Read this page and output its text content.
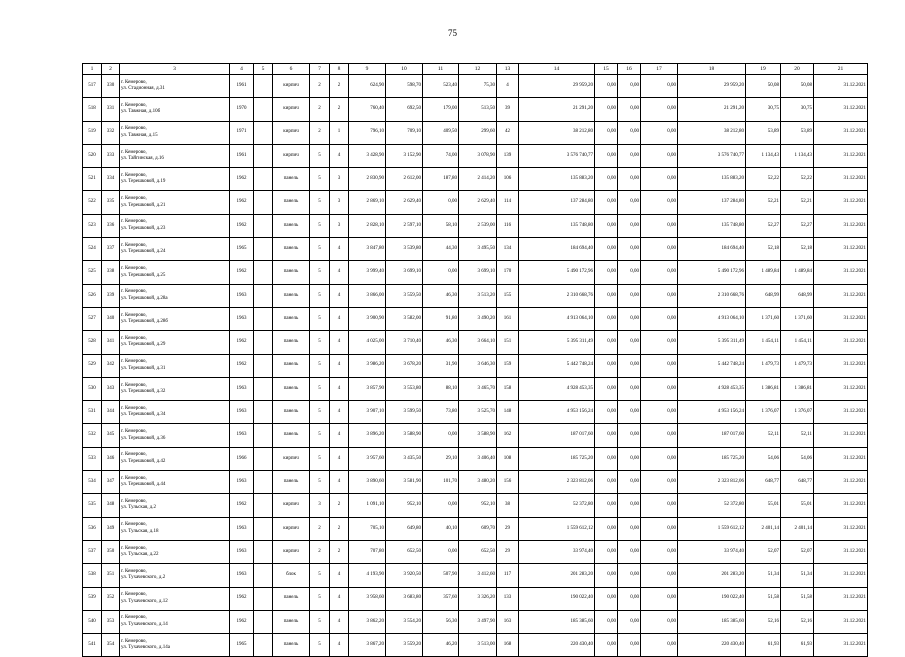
75
1	2	3	4	5	6	7	8	9	10	11	12	13	14	15	16	17	18	19	20	21
517	330	г. Кемерово,
ул. Стадионная, д.31	1961		кирпич	2	2	624,90	598,70	523,40	75,30	4	29 959,20	0,00	0,00	0,00	29 959,20	50,08	50,08	31.12.2021
518	331	г. Кемерово,
ул. Тавжная, д.10б	1970		кирпич	2	2	760,40	692,50	179,00	513,50	39	21 291,20	0,00	0,00	0,00	21 291,20	30,75	30,75	31.12.2021
519	332	г. Кемерово,
ул. Тавжная, д.15	1971		кирпич	2	1	796,10	709,10	409,50	299,60	42	38 212,80	0,00	0,00	0,00	38 212,80	53,89	53,89	31.12.2021
520	333	г. Кемерово,
ул. Тайгинская, д.16	1961		кирпич	5	4	3 428,90	3 152,90	74,00	3 078,90	139	3 576 740,77	0,00	0,00	0,00	3 576 740,77	1 134,43	1 134,43	31.12.2021
521	334	г. Кемерово,
ул. Терешковой, д.19	1962		панель	5	3	2 830,90	2 612,00	187,80	2 414,20	106	135 883,20	0,00	0,00	0,00	135 883,20	52,22	52,22	31.12.2021
522	335	г. Кемерово,
ул. Терешковой, д.21	1962		панель	5	3	2 869,10	2 629,40	0,00	2 629,40	114	137 284,80	0,00	0,00	0,00	137 284,80	52,21	52,21	31.12.2021
523	336	г. Кемерово,
ул. Терешковой, д.23	1962		панель	5	3	2 828,10	2 597,10	58,10	2 539,00	116	135 748,80	0,00	0,00	0,00	135 748,80	52,27	52,27	31.12.2021
524	337	г. Кемерово,
ул. Терешковой, д.24	1965		панель	5	4	3 847,80	3 539,80	44,30	3 495,50	134	184 694,40	0,00	0,00	0,00	184 694,40	52,18	52,18	31.12.2021
525	338	г. Кемерово,
ул. Терешковой, д.25	1962		панель	5	4	3 999,40	3 699,10	0,00	3 699,10	170	5 490 172,96	0,00	0,00	0,00	5 490 172,96	1 489,84	1 489,84	31.12.2021
526	339	г. Кемерово,
ул. Терешковой, д.28а	1963		панель	5	4	3 866,00	3 559,50	46,30	3 513,20	155	2 310 668,76	0,00	0,00	0,00	2 310 668,76	648,99	648,99	31.12.2021
527	340	г. Кемерово,
ул. Терешковой, д.28б	1963		панель	5	4	3 900,90	3 582,00	91,80	3 490,20	161	4 913 064,10	0,00	0,00	0,00	4 913 064,10	1 371,60	1 371,60	31.12.2021
528	341	г. Кемерово,
ул. Терешковой, д.29	1962		панель	5	4	4 025,00	3 710,40	46,30	3 664,10	151	5 395 311,49	0,00	0,00	0,00	5 395 311,49	1 454,11	1 454,11	31.12.2021
529	342	г. Кемерово,
ул. Терешковой, д.31	1962		панель	5	4	3 986,20	3 678,20	31,90	3 646,30	159	5 442 748,24	0,00	0,00	0,00	5 442 748,24	1 479,73	1 479,73	31.12.2021
530	343	г. Кемерово,
ул. Терешковой, д.32	1963		панель	5	4	3 857,90	3 553,80	88,10	3 465,70	158	4 928 453,35	0,00	0,00	0,00	4 928 453,35	1 386,81	1 386,81	31.12.2021
531	344	г. Кемерово,
ул. Терешковой, д.34	1963		панель	5	4	3 907,10	3 599,50	73,80	3 525,70	148	4 953 156,24	0,00	0,00	0,00	4 953 156,24	1 376,07	1 376,07	31.12.2021
532	345	г. Кемерово,
ул. Терешковой, д.36	1963		панель	5	4	3 896,20	3 588,90	0,00	3 588,90	162	187 017,60	0,00	0,00	0,00	187 017,60	52,11	52,11	31.12.2021
533	346	г. Кемерово,
ул. Терешковой, д.42	1966		кирпич	5	4	3 957,60	3 435,50	29,10	3 406,40	108	185 725,20	0,00	0,00	0,00	185 725,20	54,06	54,06	31.12.2021
534	347	г. Кемерово,
ул. Терешковой, д.44	1963		панель	5	4	3 890,60	3 581,90	101,70	3 480,20	156	2 323 812,06	0,00	0,00	0,00	2 323 812,06	648,77	648,77	31.12.2021
535	348	г. Кемерово,
ул. Тульская, д.2	1962		кирпич	3	2	1 091,10	952,10	0,00	952,10	38	52 372,80	0,00	0,00	0,00	52 372,80	55,01	55,01	31.12.2021
536	349	г. Кемерово,
ул. Тульская, д.18	1963		кирпич	2	2	705,10	649,80	40,10	609,70	29	1 559 612,12	0,00	0,00	0,00	1 559 612,12	2 401,14	2 401,14	31.12.2021
537	350	г. Кемерово,
ул. Тульская, д.22	1963		кирпич	2	2	707,80	652,50	0,00	652,50	29	33 974,40	0,00	0,00	0,00	33 974,40	52,07	52,07	31.12.2021
538	351	г. Кемерово,
ул. Тухачевского, д.2	1963		блок	5	4	4 193,90	3 920,50	507,90	3 412,60	117	201 283,20	0,00	0,00	0,00	201 283,20	51,34	51,34	31.12.2021
539	352	г. Кемерово,
ул. Тухачевского, д.12	1962		панель	5	4	3 958,60	3 683,80	357,60	3 326,20	133	190 022,40	0,00	0,00	0,00	190 022,40	51,58	51,58	31.12.2021
540	353	г. Кемерово,
ул. Тухачевского, д.14	1962		панель	5	4	3 862,20	3 554,20	56,30	3 497,90	163	185 385,60	0,00	0,00	0,00	185 385,60	52,16	52,16	31.12.2021
541	354	г. Кемерово,
ул. Тухачевского, д.14а	1965		панель	5	4	3 867,20	3 559,20	46,20	3 513,00	168	220 430,40	0,00	0,00	0,00	220 430,40	61,93	61,93	31.12.2021
